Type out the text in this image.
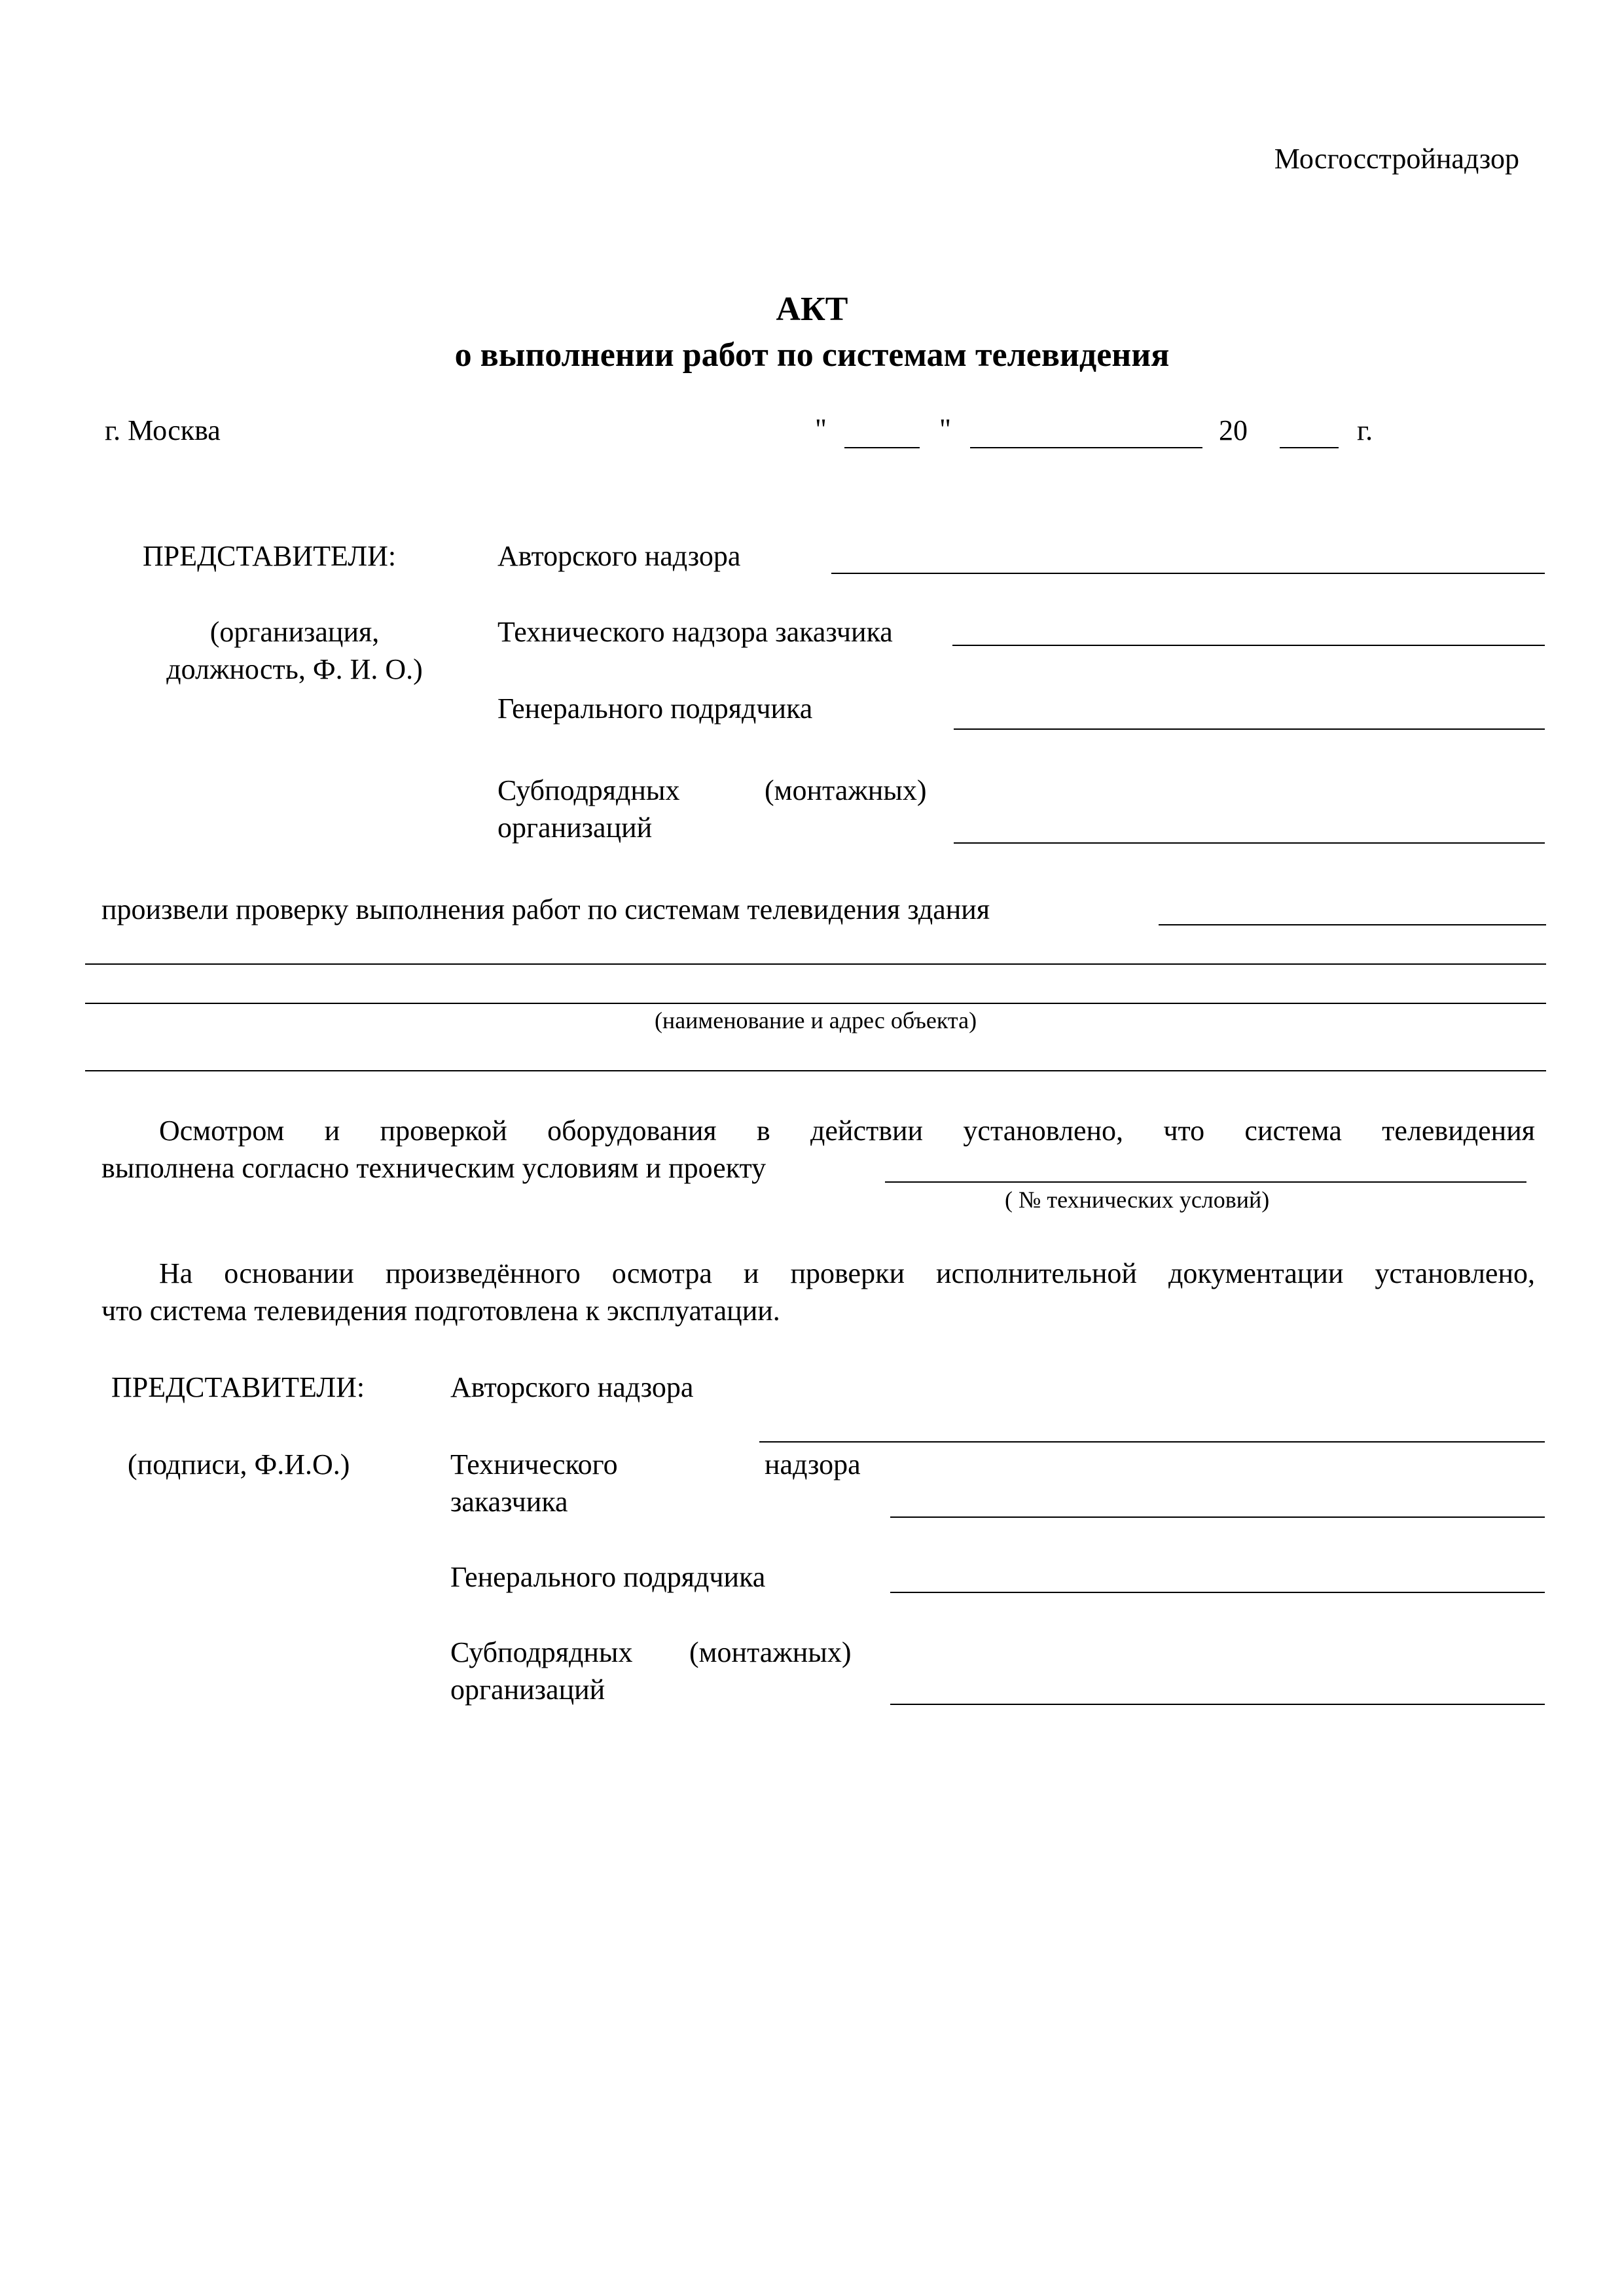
Мосгосстройнадзор
АКТ
о выполнении работ по системам телевидения
г. Москва	"	"	20	г.
ПРЕДСТАВИТЕЛИ:
(организация,
должность, Ф. И. О.)
Авторского надзора
Технического надзора заказчика
Генерального подрядчика
Субподрядных	(монтажных)
организаций
произвели проверку выполнения работ по системам телевидения здания
(наименование и адрес объекта)
Осмотром и проверкой оборудования в действии установлено, что система телевидения
выполнена согласно техническим условиям и проекту
( № технических условий)
На основании произведённого осмотра и проверки исполнительной документации установлено,
что система телевидения подготовлена к эксплуатации.
ПРЕДСТАВИТЕЛИ:
(подписи, Ф.И.О.)
Авторского надзора
Технического	надзора
заказчика
Генерального подрядчика
Субподрядных (монтажных)
организаций
